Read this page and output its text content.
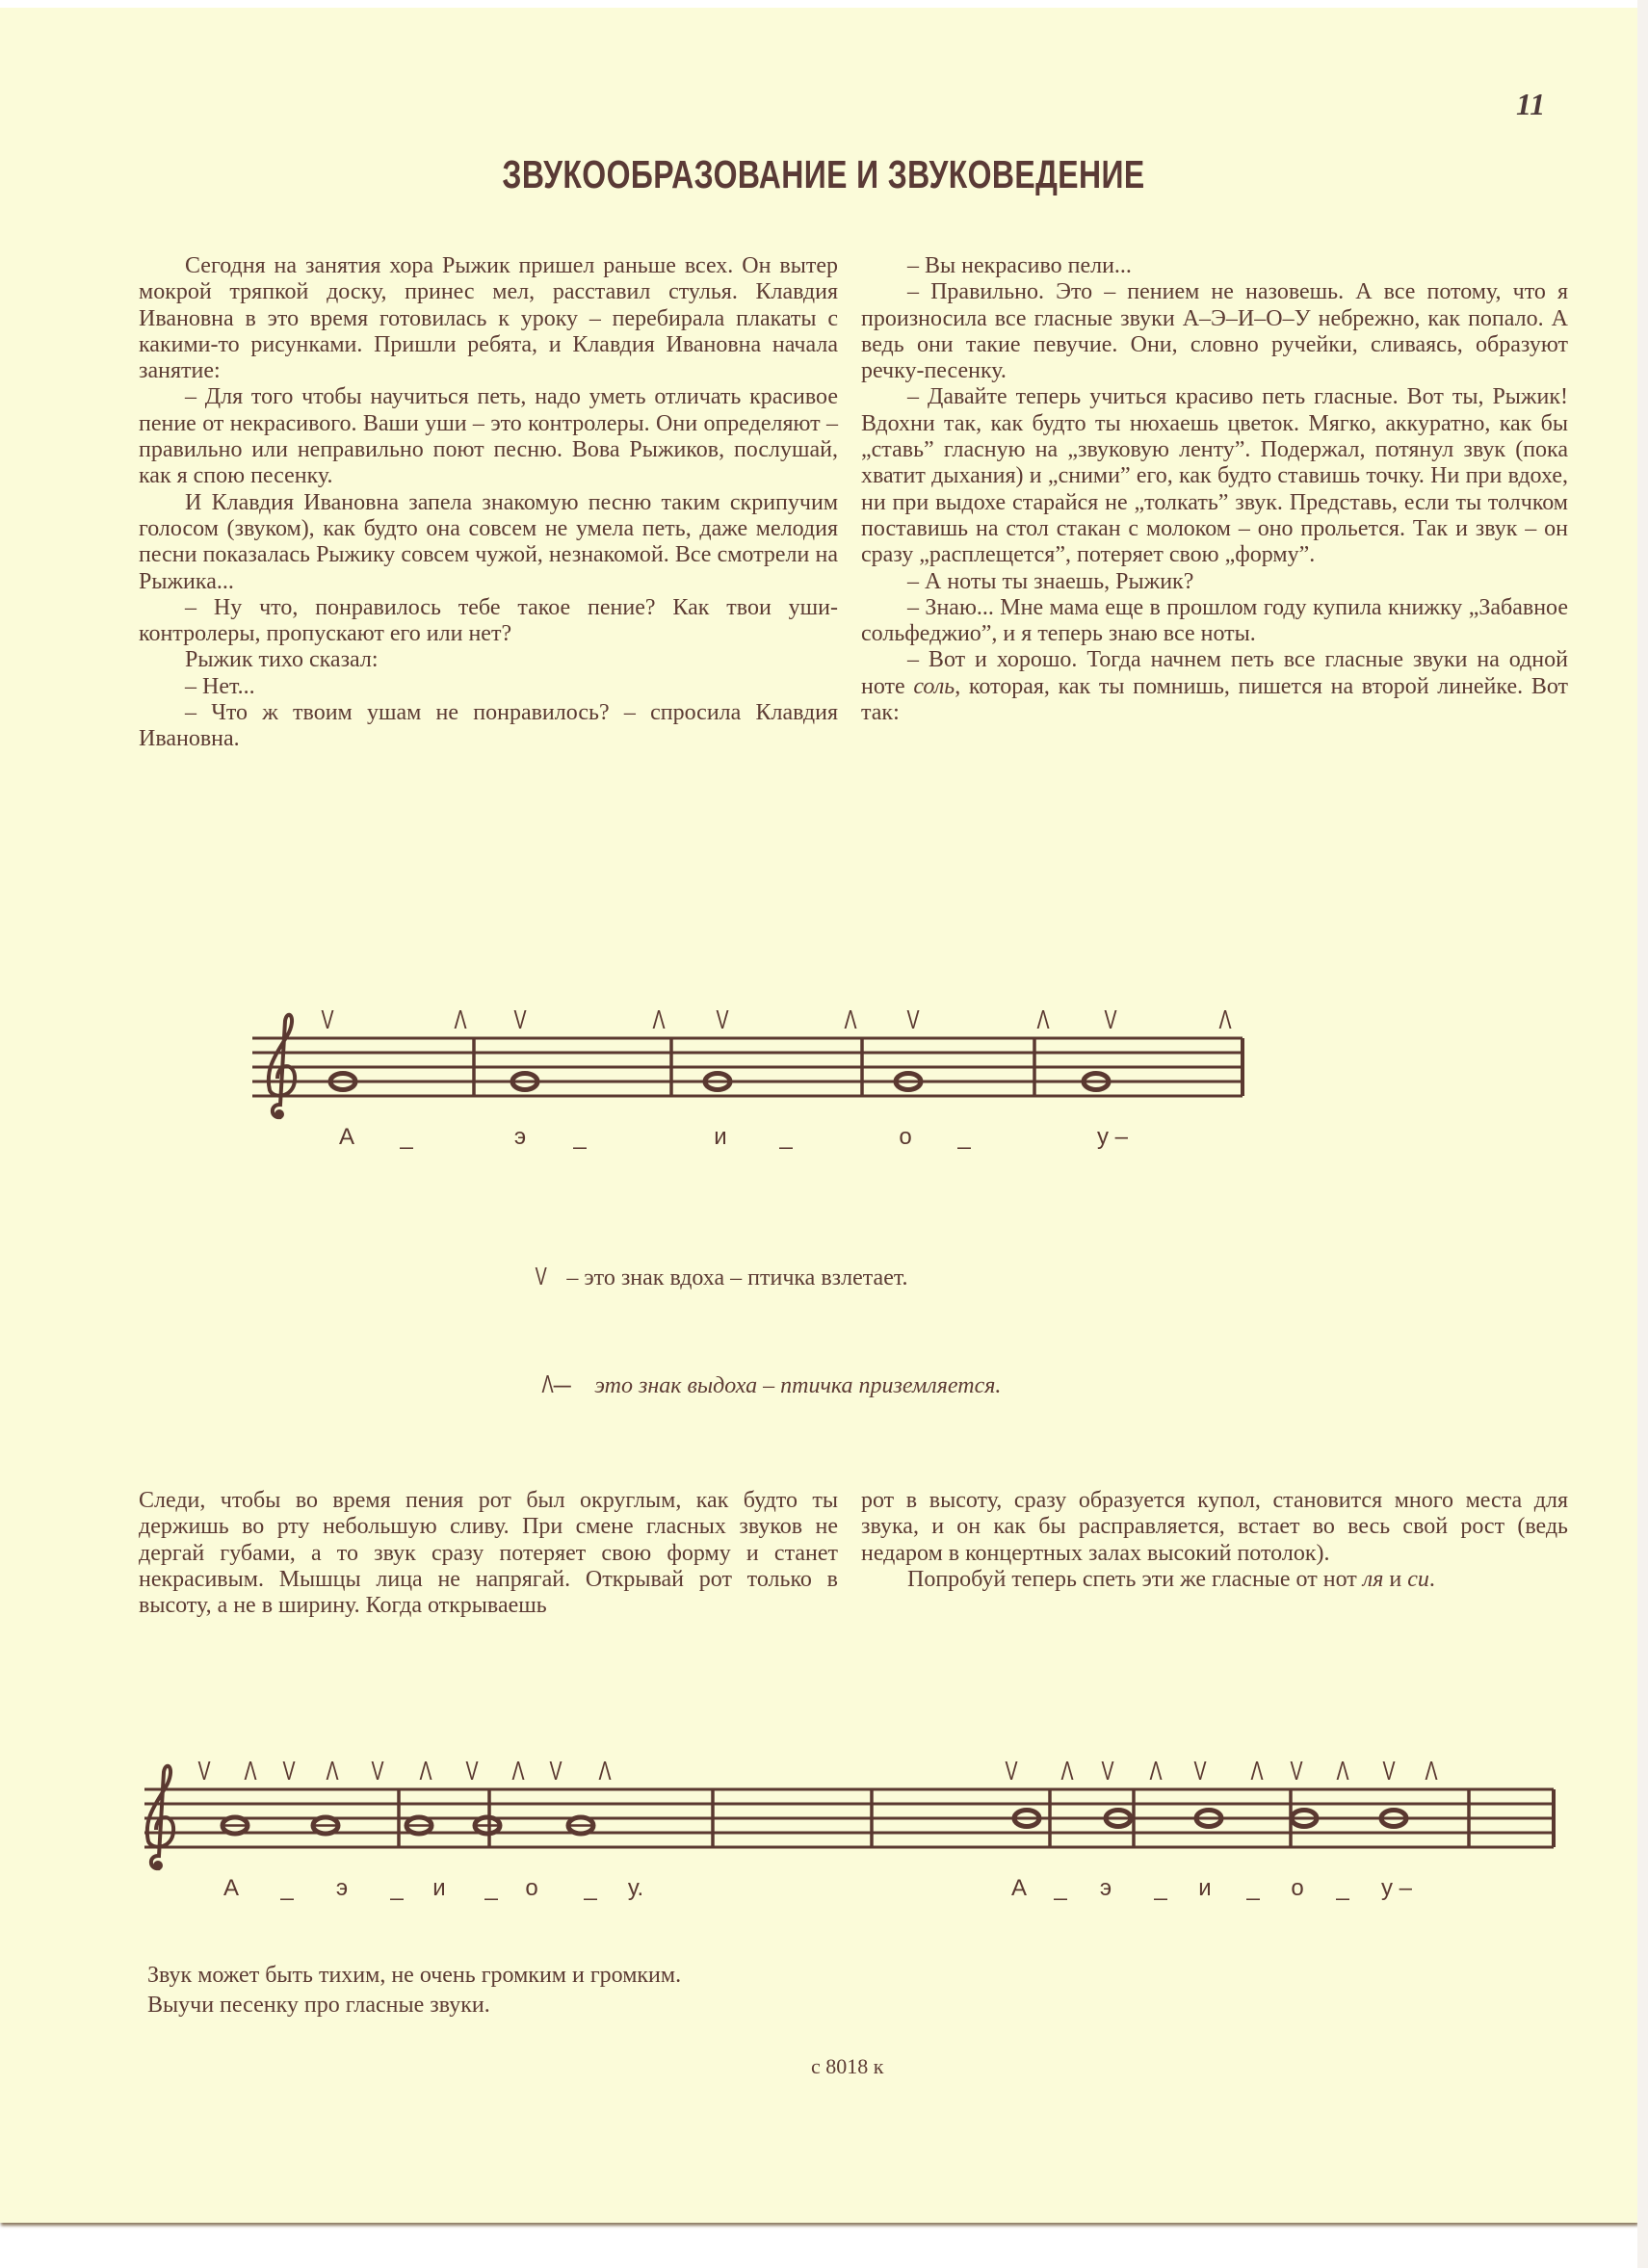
11
ЗВУКООБРАЗОВАНИЕ И ЗВУКОВЕДЕНИЕ

Сегодня на занятия хора Рыжик пришел раньше всех. Он вытер мокрой тряпкой доску, принес мел, расставил стулья. Клавдия Ивановна в это время готовилась к уроку – перебирала плакаты с какими-то рисунками. Пришли ребята, и Клавдия Ивановна начала занятие:

– Для того чтобы научиться петь, надо уметь отличать красивое пение от некрасивого. Ваши уши – это контролеры. Они определяют – правильно или неправильно поют песню. Вова Рыжиков, послушай, как я спою песенку.

И Клавдия Ивановна запела знакомую песню таким скрипучим голосом (звуком), как будто она совсем не умела петь, даже мелодия песни показалась Рыжику совсем чужой, незнакомой. Все смотрели на Рыжика...

– Ну что, понравилось тебе такое пение? Как твои уши-контролеры, пропускают его или нет?

Рыжик тихо сказал:

– Нет...

– Что ж твоим ушам не понравилось? – спросила Клавдия Ивановна.

– Вы некрасиво пели...

– Правильно. Это – пением не назовешь. А все потому, что я произносила все гласные звуки А–Э–И–О–У небрежно, как попало. А ведь они такие певучие. Они, словно ручейки, сливаясь, образуют речку-песенку.

– Давайте теперь учиться красиво петь гласные. Вот ты, Рыжик! Вдохни так, как будто ты нюхаешь цветок. Мягко, аккуратно, как бы „ставь” гласную на „звуковую ленту”. Подержал, потянул звук (пока хватит дыхания) и „сними” его, как будто ставишь точку. Ни при вдохе, ни при выдохе старайся не „толкать” звук. Представь, если ты толчком поставишь на стол стакан с молоком – оно прольется. Так и звук – он сразу „расплещется”, потеряет свою „форму”.

– А ноты ты знаешь, Рыжик?

– Знаю... Мне мама еще в прошлом году купила книжку „Забавное сольфеджио”, и я теперь знаю все ноты.

– Вот и хорошо. Тогда начнем петь все гласные звуки на одной ноте соль, которая, как ты помнишь, пишется на второй линейке. Вот так:

V	Λ V	Λ V	Λ V	Λ V	Λ
А _	э _	и _	о _	у –
V – это знак вдоха – птичка взлетает.
Λ— это знак выдоха – птичка приземляется.

Следи, чтобы во время пения рот был округлым, как будто ты держишь во рту небольшую сливу. При смене гласных звуков не дергай губами, а то звук сразу потеряет свою форму и станет некрасивым. Мышцы лица не напрягай. Открывай рот только в высоту, а не в ширину. Когда открываешь

рот в высоту, сразу образуется купол, становится много места для звука, и он как бы расправляется, встает во весь свой рост (ведь недаром в концертных залах высокий потолок).

Попробуй теперь спеть эти же гласные от нот ля и си.

V Λ V Λ V Λ V Λ V Λ	V Λ V Λ V Λ V Λ V Λ
А _ э _ и _ о _ у.	А _ э _ и _ о _ у –

Звук может быть тихим, не очень громким и громким.

Выучи песенку про гласные звуки.

с 8018 к
